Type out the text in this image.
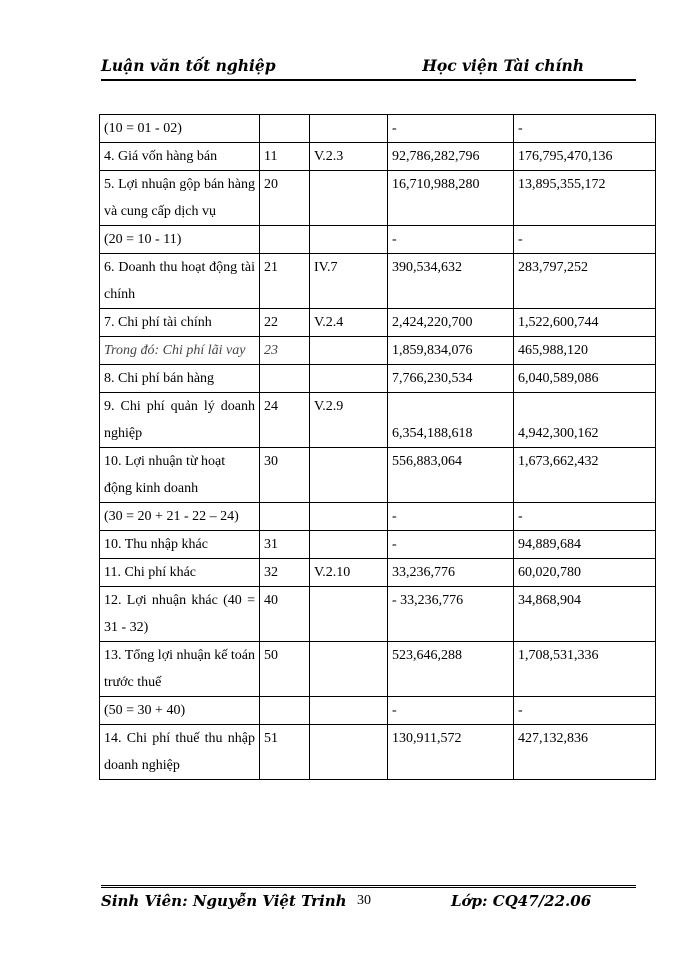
Luận văn tốt nghiệp	Học viện Tài chính
(10 = 01 - 02)			-	-
4. Giá vốn hàng bán	11	V.2.3	92,786,282,796	176,795,470,136
5. Lợi nhuận gộp bán hàng và cung cấp dịch vụ	20		16,710,988,280	13,895,355,172
(20 = 10 - 11)			-	-
6. Doanh thu hoạt động tài chính	21	IV.7	390,534,632	283,797,252
7. Chi phí tài chính	22	V.2.4	2,424,220,700	1,522,600,744
Trong đó: Chi phí lãi vay	23		1,859,834,076	465,988,120
8. Chi phí bán hàng			7,766,230,534	6,040,589,086
9. Chi phí quản lý doanh nghiệp	24	V.2.9	6,354,188,618	4,942,300,162
10. Lợi nhuận từ hoạt động kinh doanh	30		556,883,064	1,673,662,432
(30 = 20 + 21 - 22 – 24)			-	-
10. Thu nhập khác	31		-	94,889,684
11. Chi phí khác	32	V.2.10	33,236,776	60,020,780
12. Lợi nhuận khác (40 = 31 - 32)	40		- 33,236,776	34,868,904
13. Tổng lợi nhuận kế toán trước thuế	50		523,646,288	1,708,531,336
(50 = 30 + 40)			-	-
14. Chi phí thuế thu nhập doanh nghiệp	51		130,911,572	427,132,836
Sinh Viên: Nguyễn Việt Trinh 30	Lớp: CQ47/22.06
